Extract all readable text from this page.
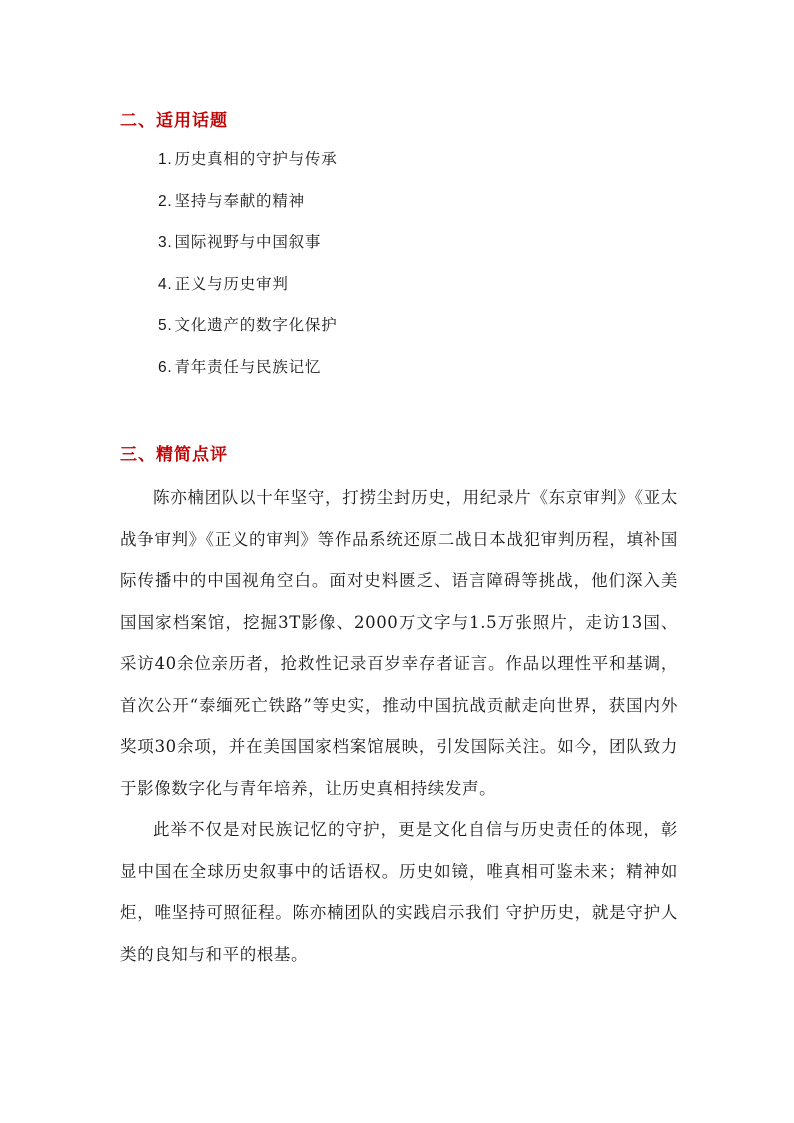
二、适用话题
1. 历史真相的守护与传承
2. 坚持与奉献的精神
3. 国际视野与中国叙事
4. 正义与历史审判
5. 文化遗产的数字化保护
6. 青年责任与民族记忆
三、精简点评

陈亦楠团队以十年坚守，打捞尘封历史，用纪录片《东京审判》《亚太战争审判》《正义的审判》等作品系统还原二战日本战犯审判历程，填补国际传播中的中国视角空白。面对史料匮乏、语言障碍等挑战，他们深入美国国家档案馆，挖掘3T影像、2000万文字与1.5万张照片，走访13国、采访40余位亲历者，抢救性记录百岁幸存者证言。作品以理性平和基调，首次公开“泰缅死亡铁路”等史实，推动中国抗战贡献走向世界，获国内外奖项30余项，并在美国国家档案馆展映，引发国际关注。如今，团队致力于影像数字化与青年培养，让历史真相持续发声。

此举不仅是对民族记忆的守护，更是文化自信与历史责任的体现，彰显中国在全球历史叙事中的话语权。历史如镜，唯真相可鉴未来；精神如炬，唯坚持可照征程。陈亦楠团队的实践启示我们 守护历史，就是守护人类的良知与和平的根基。
